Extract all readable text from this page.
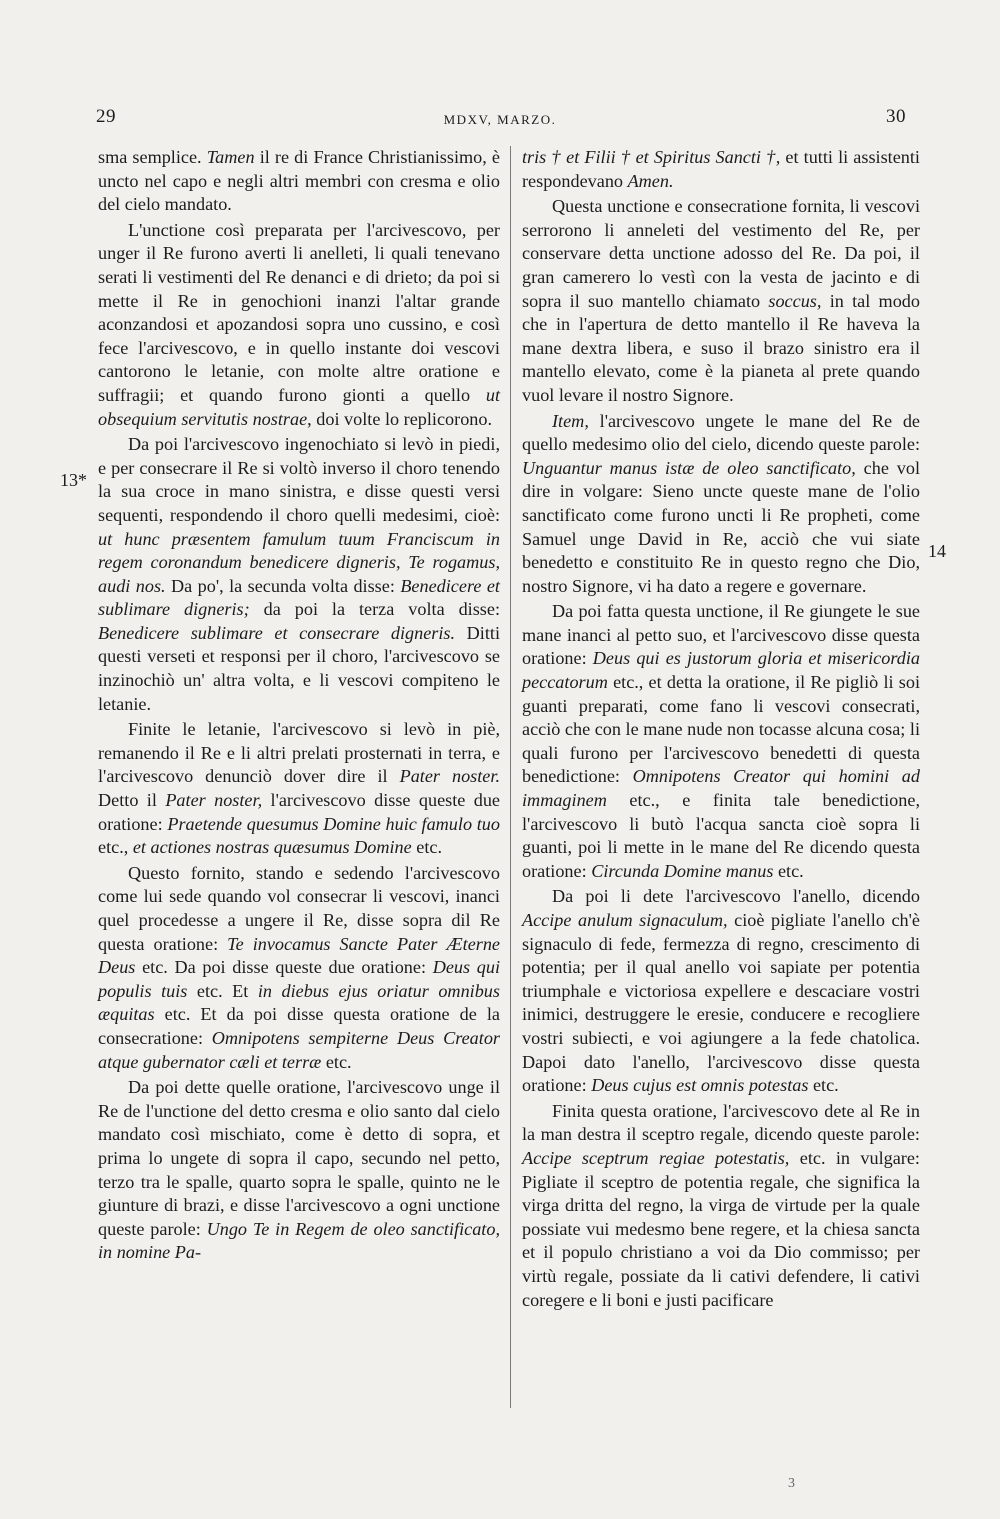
29	MDXV, MARZO.	30
13*
14

sma semplice. Tamen il re di France Christianissimo, è uncto nel capo e negli altri membri con cresma e olio del cielo mandato.

L'unctione così preparata per l'arcivescovo, per unger il Re furono averti li anelleti, li quali tenevano serati li vestimenti del Re denanci e di drieto; da poi si mette il Re in genochioni inanzi l'altar grande aconzandosi et apozandosi sopra uno cussino, e così fece l'arcivescovo, e in quello instante doi vescovi cantorono le letanie, con molte altre oratione e suffragii; et quando furono gionti a quello ut obsequium servitutis nostrae, doi volte lo replicorono.

Da poi l'arcivescovo ingenochiato si levò in piedi, e per consecrare il Re si voltò inverso il choro tenendo la sua croce in mano sinistra, e disse questi versi sequenti, respondendo il choro quelli medesimi, cioè: ut hunc præsentem famulum tuum Franciscum in regem coronandum benedicere digneris, Te rogamus, audi nos. Da po', la secunda volta disse: Benedicere et sublimare digneris; da poi la terza volta disse: Benedicere sublimare et consecrare digneris. Ditti questi verseti et responsi per il choro, l'arcivescovo se inzinochiò un' altra volta, e li vescovi compiteno le letanie.

Finite le letanie, l'arcivescovo si levò in piè, remanendo il Re e li altri prelati prosternati in terra, e l'arcivescovo denunciò dover dire il Pater noster. Detto il Pater noster, l'arcivescovo disse queste due oratione: Praetende quesumus Domine huic famulo tuo etc., et actiones nostras quæsumus Domine etc.

Questo fornito, stando e sedendo l'arcivescovo come lui sede quando vol consecrar li vescovi, inanci quel procedesse a ungere il Re, disse sopra dil Re questa oratione: Te invocamus Sancte Pater Æterne Deus etc. Da poi disse queste due oratione: Deus qui populis tuis etc. Et in diebus ejus oriatur omnibus æquitas etc. Et da poi disse questa oratione de la consecratione: Omnipotens sempiterne Deus Creator atque gubernator cæli et terræ etc.

Da poi dette quelle oratione, l'arcivescovo unge il Re de l'unctione del detto cresma e olio santo dal cielo mandato così mischiato, come è detto di sopra, et prima lo ungete di sopra il capo, secundo nel petto, terzo tra le spalle, quarto sopra le spalle, quinto ne le giunture di brazi, e disse l'arcivescovo a ogni unctione queste parole: Ungo Te in Regem de oleo sanctificato, in nomine Pa-

tris † et Filii † et Spiritus Sancti †, et tutti li assistenti respondevano Amen.

Questa unctione e consecratione fornita, li vescovi serrorono li anneleti del vestimento del Re, per conservare detta unctione adosso del Re. Da poi, il gran camerero lo vestì con la vesta de jacinto e di sopra il suo mantello chiamato soccus, in tal modo che in l'apertura de detto mantello il Re haveva la mane dextra libera, e suso il brazo sinistro era il mantello elevato, come è la pianeta al prete quando vuol levare il nostro Signore.

Item, l'arcivescovo ungete le mane del Re de quello medesimo olio del cielo, dicendo queste parole: Unguantur manus istæ de oleo sanctificato, che vol dire in volgare: Sieno uncte queste mane de l'olio sanctificato come furono uncti li Re propheti, come Samuel unge David in Re, acciò che vui siate benedetto e constituito Re in questo regno che Dio, nostro Signore, vi ha dato a regere e governare.

Da poi fatta questa unctione, il Re giungete le sue mane inanci al petto suo, et l'arcivescovo disse questa oratione: Deus qui es justorum gloria et misericordia peccatorum etc., et detta la oratione, il Re pigliò li soi guanti preparati, come fano li vescovi consecrati, acciò che con le mane nude non tocasse alcuna cosa; li quali furono per l'arcivescovo benedetti di questa benedictione: Omnipotens Creator qui homini ad immaginem etc., e finita tale benedictione, l'arcivescovo li butò l'acqua sancta cioè sopra li guanti, poi li mette in le mane del Re dicendo questa oratione: Circunda Domine manus etc.

Da poi li dete l'arcivescovo l'anello, dicendo Accipe anulum signaculum, cioè pigliate l'anello ch'è signaculo di fede, fermezza di regno, crescimento di potentia; per il qual anello voi sapiate per potentia triumphale e victoriosa expellere e descaciare vostri inimici, destruggere le eresie, conducere e recogliere vostri subiecti, e voi agiungere a la fede chatolica. Dapoi dato l'anello, l'arcivescovo disse questa oratione: Deus cujus est omnis potestas etc.

Finita questa oratione, l'arcivescovo dete al Re in la man destra il sceptro regale, dicendo queste parole: Accipe sceptrum regiae potestatis, etc. in vulgare: Pigliate il sceptro de potentia regale, che significa la virga dritta del regno, la virga de virtude per la quale possiate vui medesmo bene regere, et la chiesa sancta et il populo christiano a voi da Dio commisso; per virtù regale, possiate da li cativi defendere, li cativi coregere e li boni e justi pacificare

3
